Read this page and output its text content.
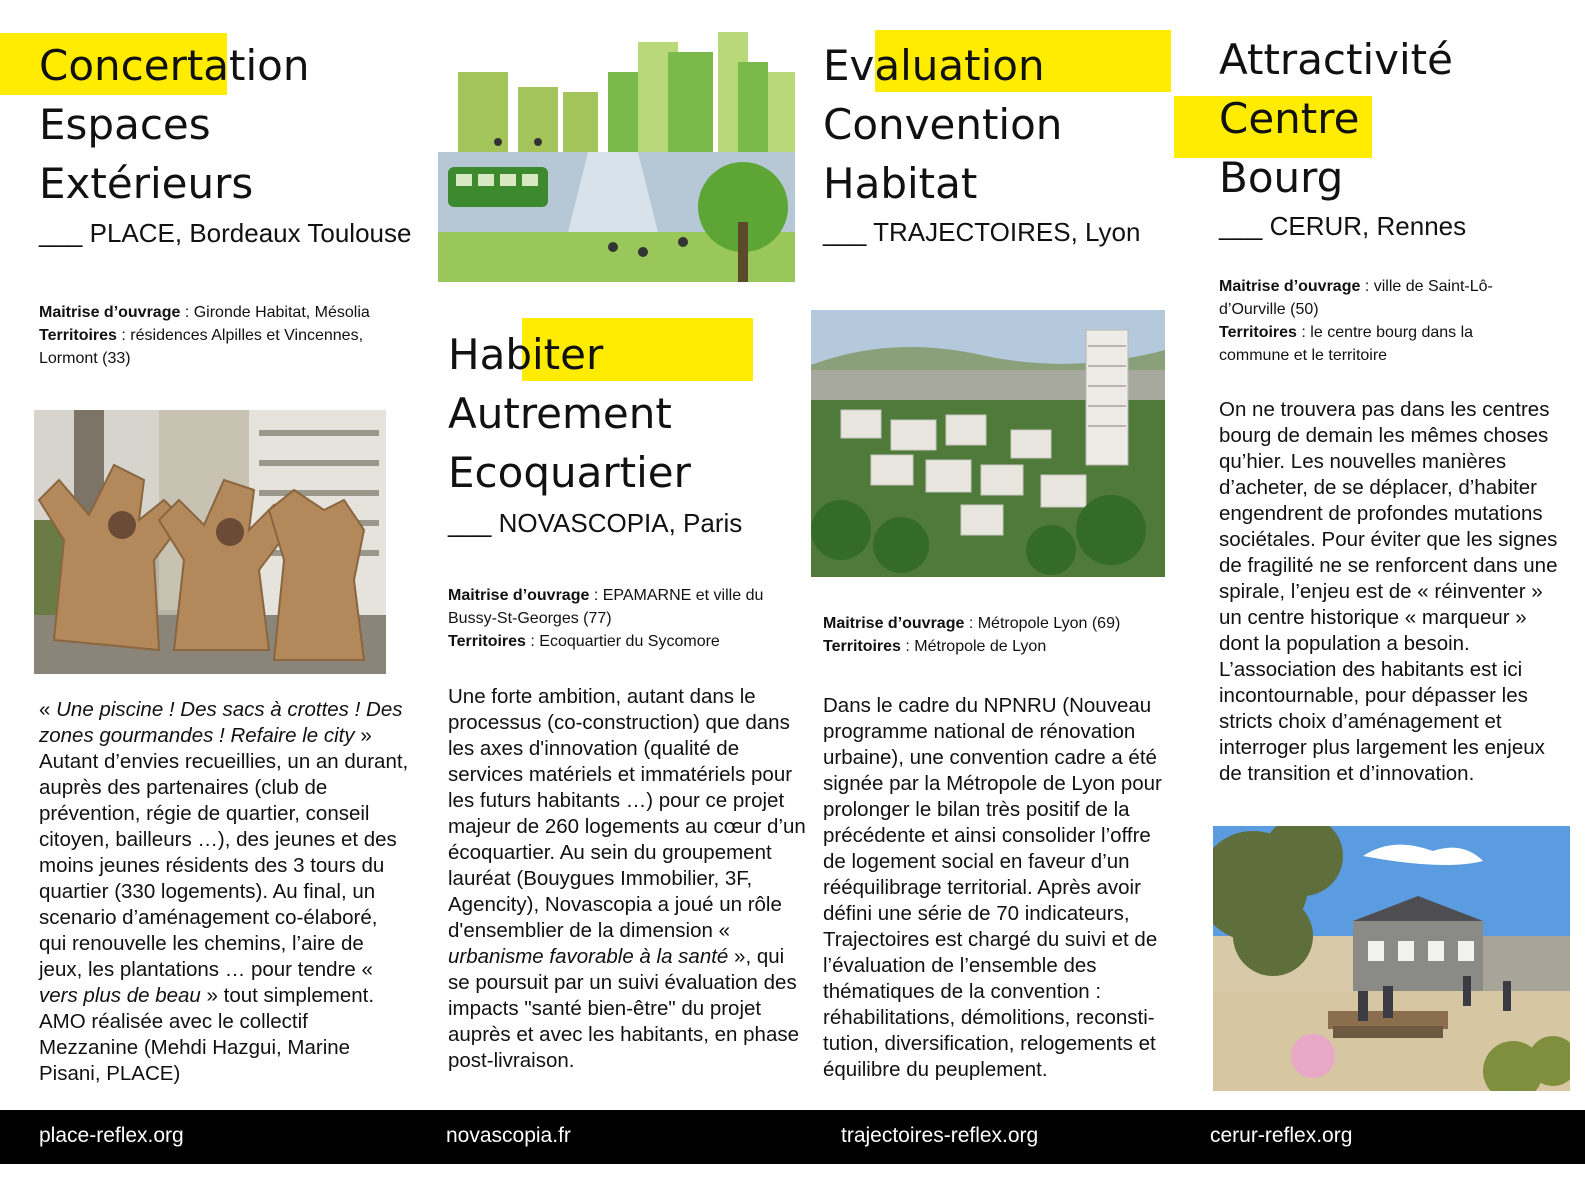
Concertation
Espaces
Extérieurs
___ PLACE, Bordeaux Toulouse
Maitrise d’ouvrage : Gironde Habitat, Mésolia
Territoires : résidences Alpilles et Vincennes, Lormont (33)
« Une piscine ! Des sacs à crottes ! Des zones gourmandes ! Refaire le city » Autant d’envies recueillies, un an durant, auprès des partenaires (club de prévention, régie de quartier, conseil citoyen, bailleurs …), des jeunes et des moins jeunes résidents des 3 tours du quartier (330 logements). Au final, un scenario d’aménagement co-élaboré, qui renouvelle les chemins, l’aire de jeux, les plantations … pour tendre « vers plus de beau » tout simplement. AMO réalisée avec le collectif Mezzanine (Mehdi Hazgui, Marine Pisani, PLACE)
Habiter
Autrement
Ecoquartier
___ NOVASCOPIA, Paris
Maitrise d’ouvrage : EPAMARNE et ville du Bussy-St-Georges (77)
Territoires : Ecoquartier du Sycomore
Une forte ambition, autant dans le processus (co-construction) que dans les axes d'innovation (qualité de services matériels et immatériels pour les futurs habitants …) pour ce projet majeur de 260 logements au cœur d’un écoquartier. Au sein du groupement lauréat (Bouygues Immobilier, 3F, Agencity), Novascopia a joué un rôle d'ensemblier de la dimension « urbanisme favorable à la santé », qui se poursuit par un suivi évaluation des impacts "santé bien-être" du projet auprès et avec les habitants, en phase post-livraison.
Evaluation
Convention
Habitat
___ TRAJECTOIRES, Lyon
Maitrise d’ouvrage : Métropole Lyon (69)
Territoires : Métropole de Lyon
Dans le cadre du NPNRU (Nouveau programme national de rénovation urbaine), une convention cadre a été signée par la Métropole de Lyon pour prolonger le bilan très positif de la précédente et ainsi consolider l’offre de logement social en faveur d’un rééquilibrage territorial. Après avoir défini une série de 70 indicateurs, Trajectoires est chargé du suivi et de l’évaluation de l’ensemble des thématiques de la convention : réhabilitations, démolitions, reconsti-tution, diversification, relogements et équilibre du peuplement.
Attractivité
Centre
Bourg
___ CERUR, Rennes
Maitrise d’ouvrage : ville de Saint-Lô-d’Ourville (50)
Territoires : le centre bourg dans la commune et le territoire
On ne trouvera pas dans les centres bourg de demain les mêmes choses qu’hier. Les nouvelles manières d’acheter, de se déplacer, d’habiter engendrent de profondes mutations sociétales. Pour éviter que les signes de fragilité ne se renforcent dans une spirale, l’enjeu est de « réinventer » un centre historique « marqueur » dont la population a besoin. L’association des habitants est ici incontournable, pour dépasser les stricts choix d’aménagement et interroger plus largement les enjeux de transition et d’innovation.
place-reflex.org	novascopia.fr	trajectoires-reflex.org	cerur-reflex.org
